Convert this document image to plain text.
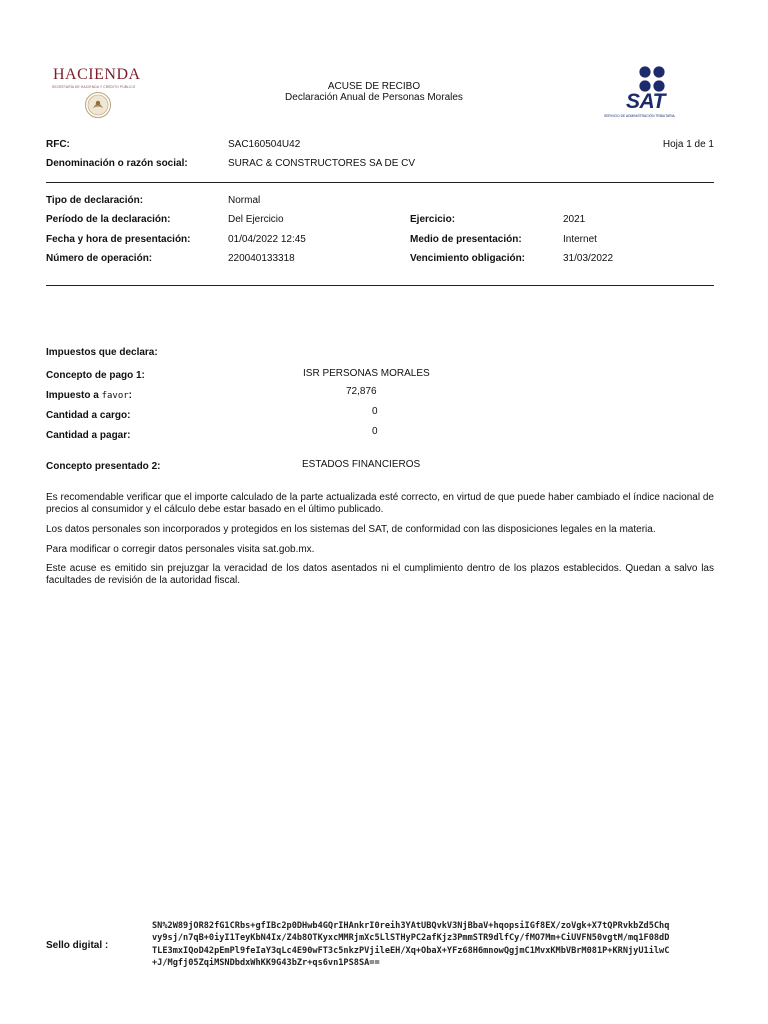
HACIENDA
SECRETARÍA DE HACIENDA Y CRÉDITO PÚBLICO	ACUSE DE RECIBO
Declaración Anual de Personas Morales	SAT
SERVICIO DE ADMINISTRACIÓN TRIBUTARIA
RFC:	SAC160504U42	Hoja 1 de 1
Denominación o razón social:	SURAC & CONSTRUCTORES SA DE CV
Tipo de declaración:	Normal
Período de la declaración:	Del Ejercicio	Ejercicio:	2021
Fecha y hora de presentación:	01/04/2022 12:45	Medio de presentación:	Internet
Número de operación:	220040133318	Vencimiento obligación:	31/03/2022
Impuestos que declara:
Concepto de pago 1:	ISR PERSONAS MORALES
Impuesto a favor:	72,876
Cantidad a cargo:	0
Cantidad a pagar:	0
Concepto presentado 2:	ESTADOS FINANCIEROS
Es recomendable verificar que el importe calculado de la parte actualizada esté correcto, en virtud de que puede haber cambiado el índice nacional de precios al consumidor y el cálculo debe estar basado en el último publicado.
Los datos personales son incorporados y protegidos en los sistemas del SAT, de conformidad con las disposiciones legales en la materia.
Para modificar o corregir datos personales visita sat.gob.mx.
Este acuse es emitido sin prejuzgar la veracidad de los datos asentados ni el cumplimiento dentro de los plazos establecidos. Quedan a salvo las facultades de revisión de la autoridad fiscal.
Sello digital :
SN%2W89jOR82fG1CRbs+gfIBc2p0DHwb4GQrIHAnkrI0reih3YAtUBQvkV3NjBbaV+hqopsiIGf8EX/zoVgk+X7tQPRvkbZd5Chq
vy9sj/n7qB+0iyI1TeyKbN4Ix/Z4b8OTKyxcMMRjmXc5LlSTHyPC2afKjz3PmmSTR9dlfCy/fMO7Mm+CiUVFN50vgtM/mq1F08dD
TLE3mxIQoD42pEmPl9feIaY3qLc4E90wFT3c5nkzPVjileEH/Xq+ObaX+YFz68H6mnowQgjmC1MvxKMbVBrM081P+KRNjyU1ilwC
+J/Mgfj05ZqiMSNDbdxWhKK9G43bZr+qs6vn1PS8SA==
